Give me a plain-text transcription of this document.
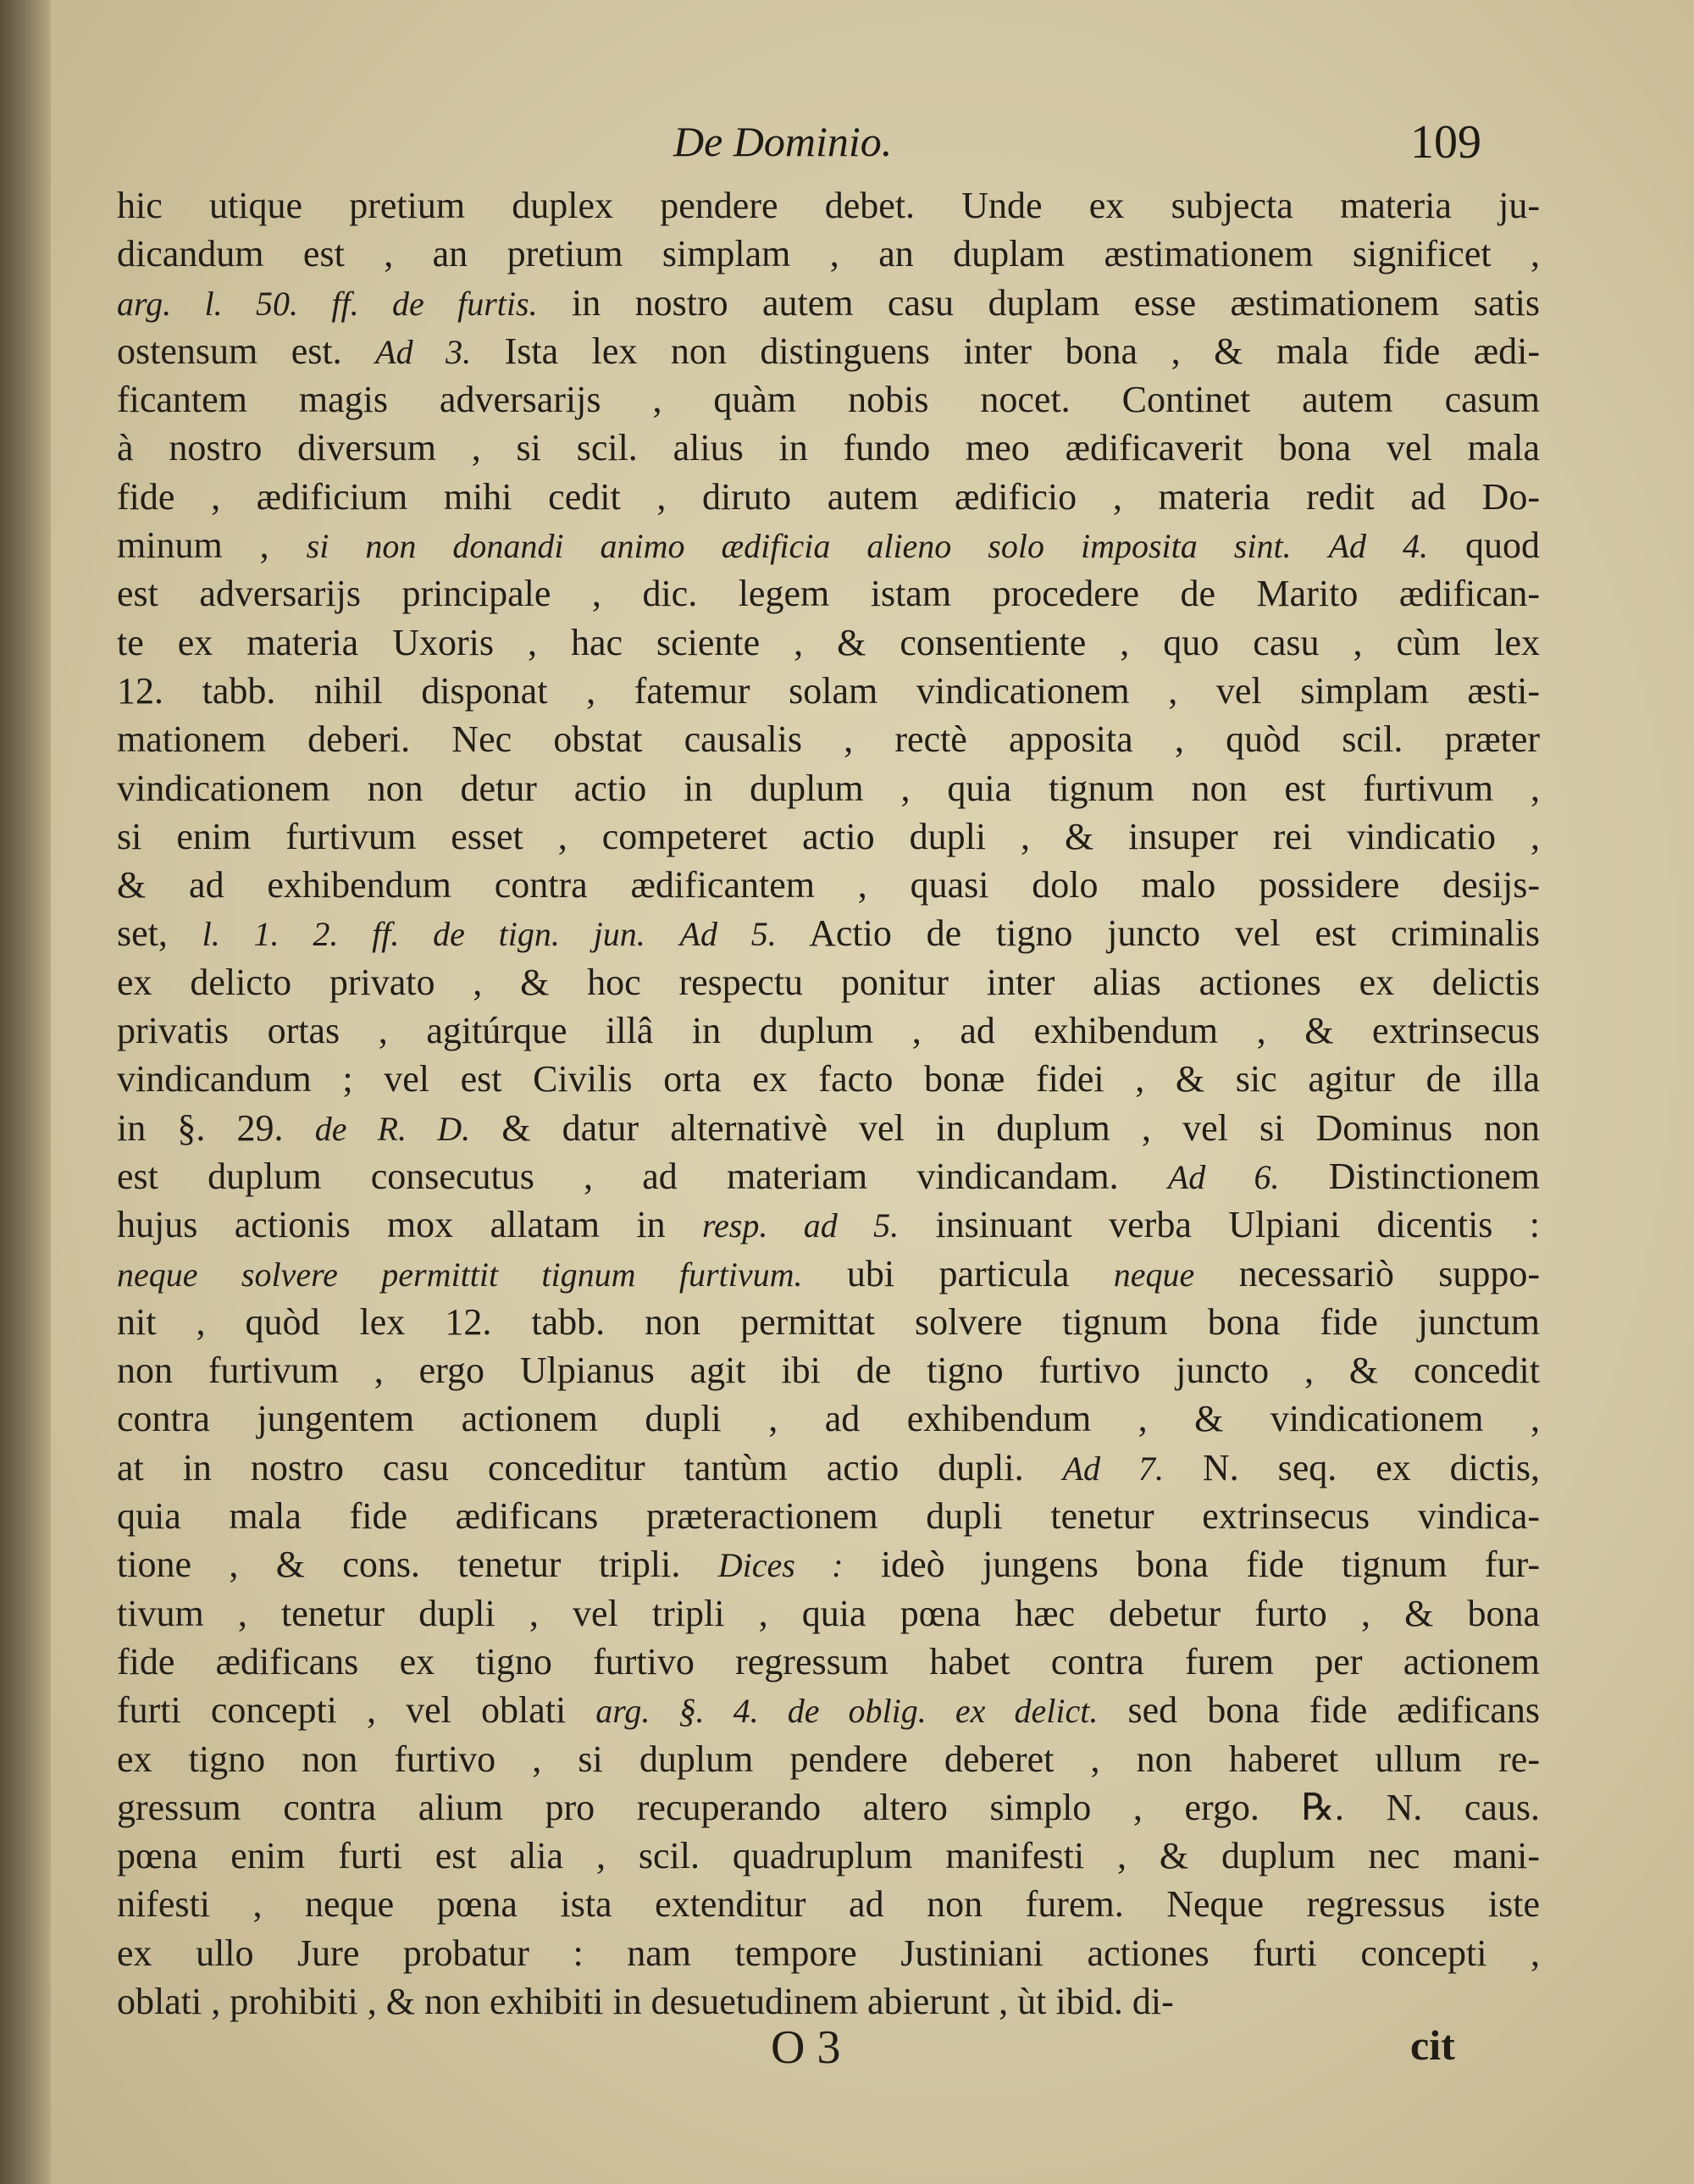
De Dominio.	109
hic utique pretium duplex pendere debet. Unde ex subjecta materia ju-
dicandum est , an pretium simplam , an duplam æstimationem significet ,
arg. l. 50. ff. de furtis. in nostro autem casu duplam esse æstimationem satis
ostensum est. Ad 3. Ista lex non distinguens inter bona , & mala fide ædi-
ficantem magis adversarijs , quàm nobis nocet. Continet autem casum
à nostro diversum , si scil. alius in fundo meo ædificaverit bona vel mala
fide , ædificium mihi cedit , diruto autem ædificio , materia redit ad Do-
minum , si non donandi animo ædificia alieno solo imposita sint. Ad 4. quod
est adversarijs principale , dic. legem istam procedere de Marito ædifican-
te ex materia Uxoris , hac sciente , & consentiente , quo casu , cùm lex
12. tabb. nihil disponat , fatemur solam vindicationem , vel simplam æsti-
mationem deberi. Nec obstat causalis , rectè apposita , quòd scil. præter
vindicationem non detur actio in duplum , quia tignum non est furtivum ,
si enim furtivum esset , competeret actio dupli , & insuper rei vindicatio ,
& ad exhibendum contra ædificantem , quasi dolo malo possidere desijs-
set, l. 1. 2. ff. de tign. jun. Ad 5. Actio de tigno juncto vel est criminalis
ex delicto privato , & hoc respectu ponitur inter alias actiones ex delictis
privatis ortas , agitúrque illâ in duplum , ad exhibendum , & extrinsecus
vindicandum ; vel est Civilis orta ex facto bonæ fidei , & sic agitur de illa
in §. 29. de R. D. & datur alternativè vel in duplum , vel si Dominus non
est duplum consecutus , ad materiam vindicandam. Ad 6. Distinctionem
hujus actionis mox allatam in resp. ad 5. insinuant verba Ulpiani dicentis :
neque solvere permittit tignum furtivum. ubi particula neque necessariò suppo-
nit , quòd lex 12. tabb. non permittat solvere tignum bona fide junctum
non furtivum , ergo Ulpianus agit ibi de tigno furtivo juncto , & concedit
contra jungentem actionem dupli , ad exhibendum , & vindicationem ,
at in nostro casu conceditur tantùm actio dupli. Ad 7. N. seq. ex dictis,
quia mala fide ædificans præteractionem dupli tenetur extrinsecus vindica-
tione , & cons. tenetur tripli. Dices : ideò jungens bona fide tignum fur-
tivum , tenetur dupli , vel tripli , quia pœna hæc debetur furto , & bona
fide ædificans ex tigno furtivo regressum habet contra furem per actionem
furti concepti , vel oblati arg. §. 4. de oblig. ex delict. sed bona fide ædificans
ex tigno non furtivo , si duplum pendere deberet , non haberet ullum re-
gressum contra alium pro recuperando altero simplo , ergo. ℞. N. caus.
pœna enim furti est alia , scil. quadruplum manifesti , & duplum nec mani-
nifesti , neque pœna ista extenditur ad non furem. Neque regressus iste
ex ullo Jure probatur : nam tempore Justiniani actiones furti concepti ,
oblati , prohibiti , & non exhibiti in desuetudinem abierunt , ùt ibid. di-
O 3	cit
